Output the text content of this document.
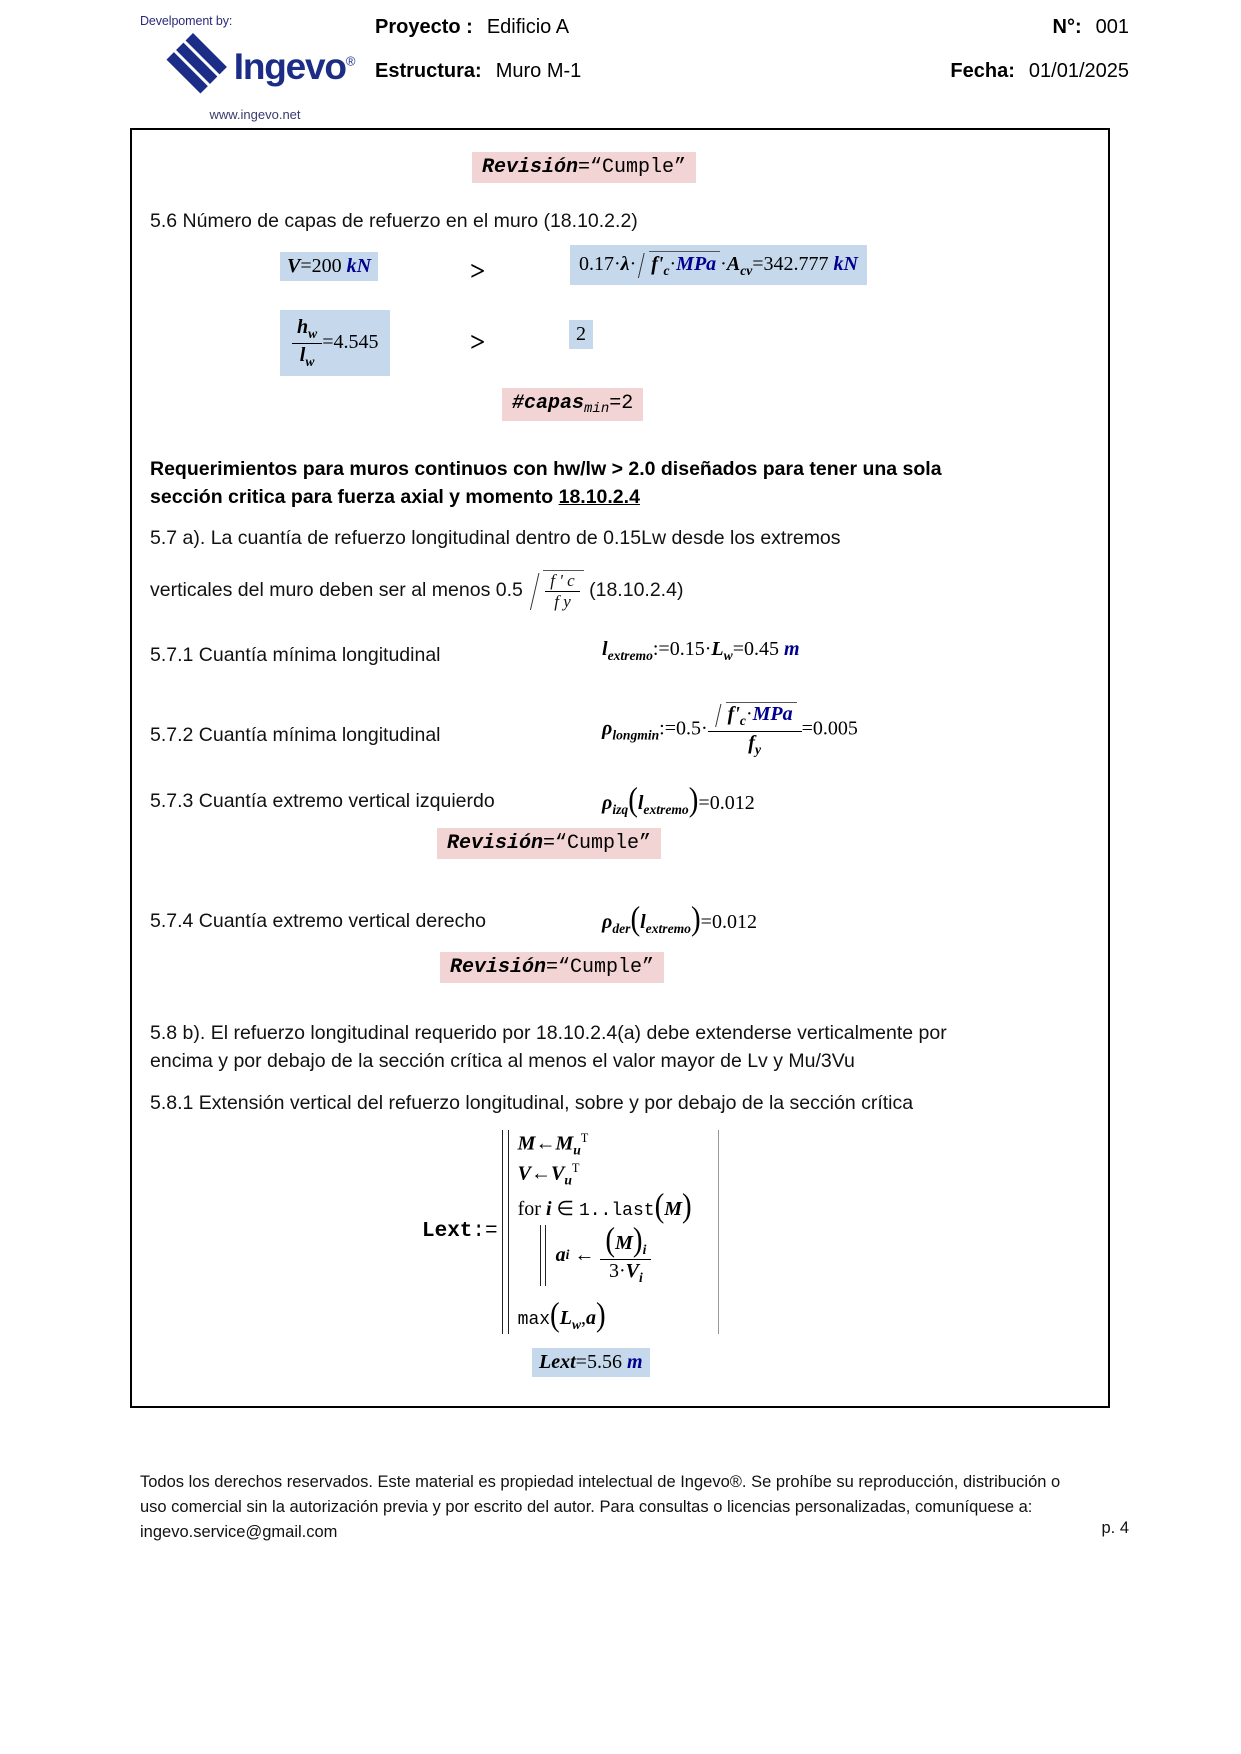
Develpoment by:
Ingevo®
www.ingevo.net
Proyecto : Edificio A
Estructura: Muro M-1
N°: 001
Fecha: 01/01/2025
Revisión=“Cumple”
5.6 Número de capas de refuerzo en el muro (18.10.2.2)
V=200 kN	>	$0.17\cdot\lambda\cdot f'_c\cdot MPa \cdot A_{cv}=342.777$ kN
$\frac{h_w}{l_w} =4.545$	>	2
#capasmin=2
Requerimientos para muros continuos con hw/lw > 2.0 diseñados para tener una sola
sección critica para fuerza axial y momento 18.10.2.4
5.7 a). La cuantía de refuerzo longitudinal dentro de 0.15Lw desde los extremos
verticales del muro deben ser al menos $0.5 \frac{f ' c}{\text{f y}} (18.10.2.4)$
5.7.1 Cuantía mínima longitudinal	$l_{extremo}:=0.15\cdot L_w=0.45$ m
5.7.2 Cuantía mínima longitudinal	$\rho_{longmin}:=0.5\cdot \frac{f'_c\cdot MPa}{f_y} =0.005$
5.7.3 Cuantía extremo vertical izquierdo	$\rho_{izq}(l_{extremo})=0.012$
Revisión=“Cumple”
5.7.4 Cuantía extremo vertical derecho	$\rho_{der}(l_{extremo})=0.012$
Revisión=“Cumple”
5.8 b). El refuerzo longitudinal requerido por 18.10.2.4(a) debe extenderse verticalmente por
encima y por debajo de la sección crítica al menos el valor mayor de Lv y Mu/3Vu
5.8.1 Extensión vertical del refuerzo longitudinal, sobre y por debajo de la sección crítica
Lext :=
$M\leftarrow M_u^T$
$V\leftarrow V_u^T$
for i ∈ 1..last(M)
a i
← $\frac{(M)_i}{3\cdot V_i}$
$\max(L_w,a)$
Lext=5.56 m
Todos los derechos reservados. Este material es propiedad intelectual de Ingevo®. Se prohíbe su reproducción, distribución o
uso comercial sin la autorización previa y por escrito del autor. Para consultas o licencias personalizadas, comuníquese a:
ingevo.service@gmail.com	p. 4
